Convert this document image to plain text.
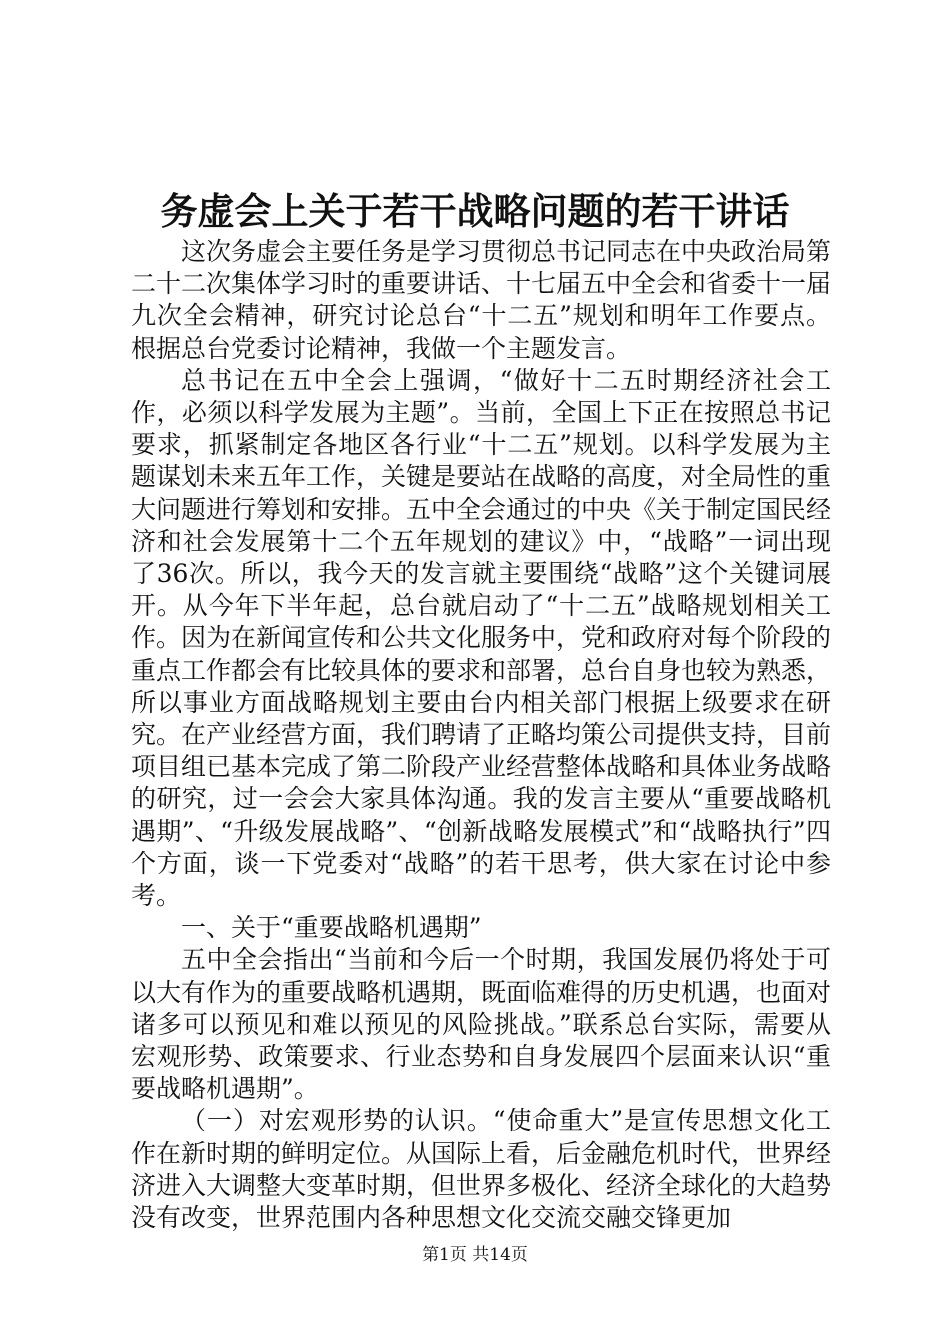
务虚会上关于若干战略问题的若干讲话

这次务虚会主要任务是学习贯彻总书记同志在中央政治局第二十二次集体学习时的重要讲话、十七届五中全会和省委十一届九次全会精神，研究讨论总台“十二五”规划和明年工作要点。根据总台党委讨论精神，我做一个主题发言。

总书记在五中全会上强调，“做好十二五时期经济社会工作，必须以科学发展为主题”。当前，全国上下正在按照总书记要求，抓紧制定各地区各行业“十二五”规划。以科学发展为主题谋划未来五年工作，关键是要站在战略的高度，对全局性的重大问题进行筹划和安排。五中全会通过的中央《关于制定国民经济和社会发展第十二个五年规划的建议》中，“战略”一词出现了36次。所以，我今天的发言就主要围绕“战略”这个关键词展开。从今年下半年起，总台就启动了“十二五”战略规划相关工作。因为在新闻宣传和公共文化服务中，党和政府对每个阶段的重点工作都会有比较具体的要求和部署，总台自身也较为熟悉，所以事业方面战略规划主要由台内相关部门根据上级要求在研究。在产业经营方面，我们聘请了正略均策公司提供支持，目前项目组已基本完成了第二阶段产业经营整体战略和具体业务战略的研究，过一会会大家具体沟通。我的发言主要从“重要战略机遇期”、“升级发展战略”、“创新战略发展模式”和“战略执行”四个方面，谈一下党委对“战略”的若干思考，供大家在讨论中参考。

一、关于“重要战略机遇期”

五中全会指出“当前和今后一个时期，我国发展仍将处于可以大有作为的重要战略机遇期，既面临难得的历史机遇，也面对诸多可以预见和难以预见的风险挑战。”联系总台实际，需要从宏观形势、政策要求、行业态势和自身发展四个层面来认识“重要战略机遇期”。

（一）对宏观形势的认识。“使命重大”是宣传思想文化工作在新时期的鲜明定位。从国际上看，后金融危机时代，世界经济进入大调整大变革时期，但世界多极化、经济全球化的大趋势没有改变，世界范围内各种思想文化交流交融交锋更加

第1页 共14页
